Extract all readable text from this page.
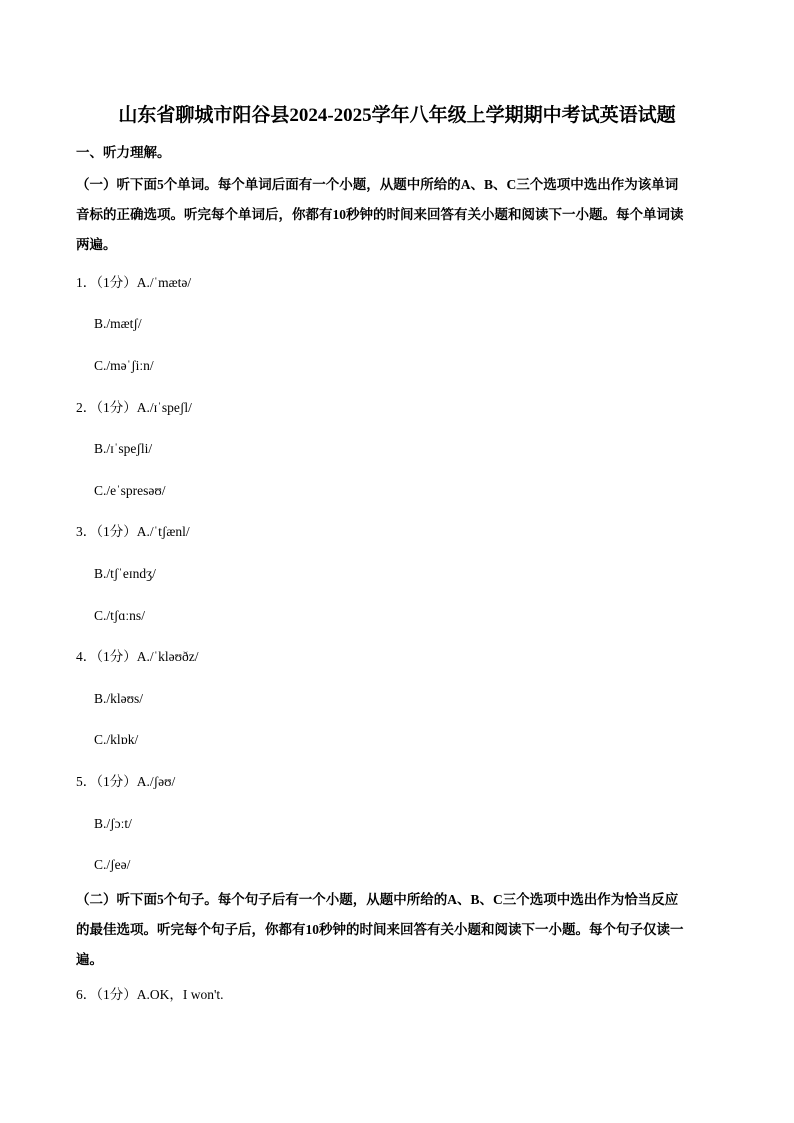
山东省聊城市阳谷县2024-2025学年八年级上学期期中考试英语试题
一、听力理解。
（一）听下面5个单词。每个单词后面有一个小题，从题中所给的A、B、C三个选项中选出作为该单词
音标的正确选项。听完每个单词后，你都有10秒钟的时间来回答有关小题和阅读下一小题。每个单词读
两遍。
1．（1分）A./ˈmætə/
B./mætʃ/
C./məˈʃiːn/
2．（1分）A./ɪˈspeʃl/
B./ɪˈspeʃli/
C./eˈspresəʊ/
3．（1分）A./ˈtʃænl/
B./tʃˈeɪndʒ/
C./tʃɑːns/
4．（1分）A./ˈkləʊðz/
B./kləʊs/
C./klɒk/
5．（1分）A./ʃəʊ/
B./ʃɔːt/
C./ʃeə/
（二）听下面5个句子。每个句子后有一个小题，从题中所给的A、B、C三个选项中选出作为恰当反应
的最佳选项。听完每个句子后，你都有10秒钟的时间来回答有关小题和阅读下一小题。每个句子仅读一
遍。
6．（1分）A.OK，I won't.
